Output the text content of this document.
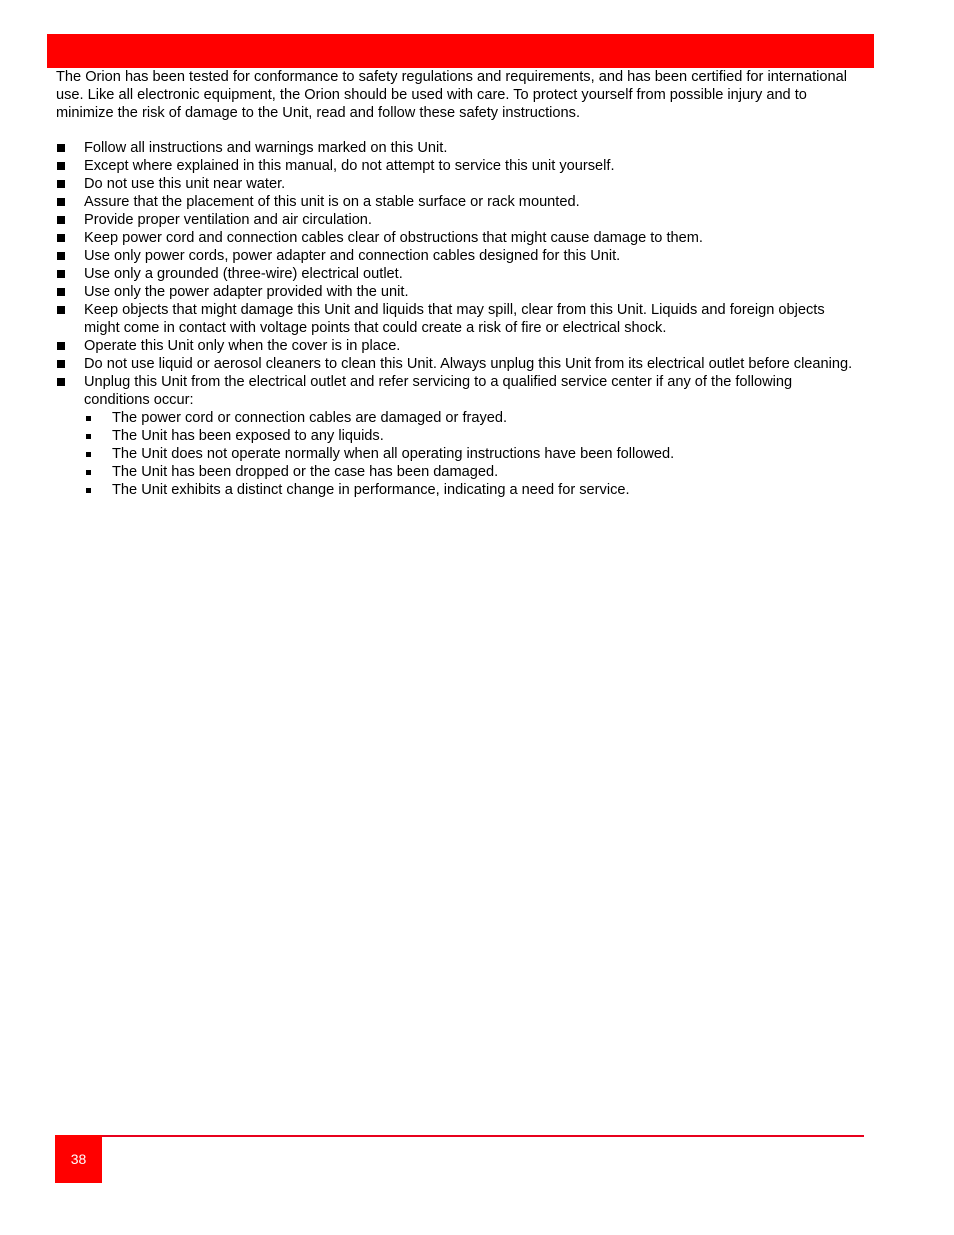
The Orion has been tested for conformance to safety regulations and requirements, and has been certified for international use. Like all electronic equipment, the Orion should be used with care. To protect yourself from possible injury and to minimize the risk of damage to the Unit, read and follow these safety instructions.

Follow all instructions and warnings marked on this Unit.
Except where explained in this manual, do not attempt to service this unit yourself.
Do not use this unit near water.
Assure that the placement of this unit is on a stable surface or rack mounted.
Provide proper ventilation and air circulation.
Keep power cord and connection cables clear of obstructions that might cause damage to them.
Use only power cords, power adapter and connection cables designed for this Unit.
Use only a grounded (three-wire) electrical outlet.
Use only the power adapter provided with the unit.
Keep objects that might damage this Unit and liquids that may spill, clear from this Unit. Liquids and foreign objects might come in contact with voltage points that could create a risk of fire or electrical shock.
Operate this Unit only when the cover is in place.
Do not use liquid or aerosol cleaners to clean this Unit. Always unplug this Unit from its electrical outlet before cleaning.
Unplug this Unit from the electrical outlet and refer servicing to a qualified service center if any of the following conditions occur:
The power cord or connection cables are damaged or frayed.
The Unit has been exposed to any liquids.
The Unit does not operate normally when all operating instructions have been followed.
The Unit has been dropped or the case has been damaged.
The Unit exhibits a distinct change in performance, indicating a need for service.
38
